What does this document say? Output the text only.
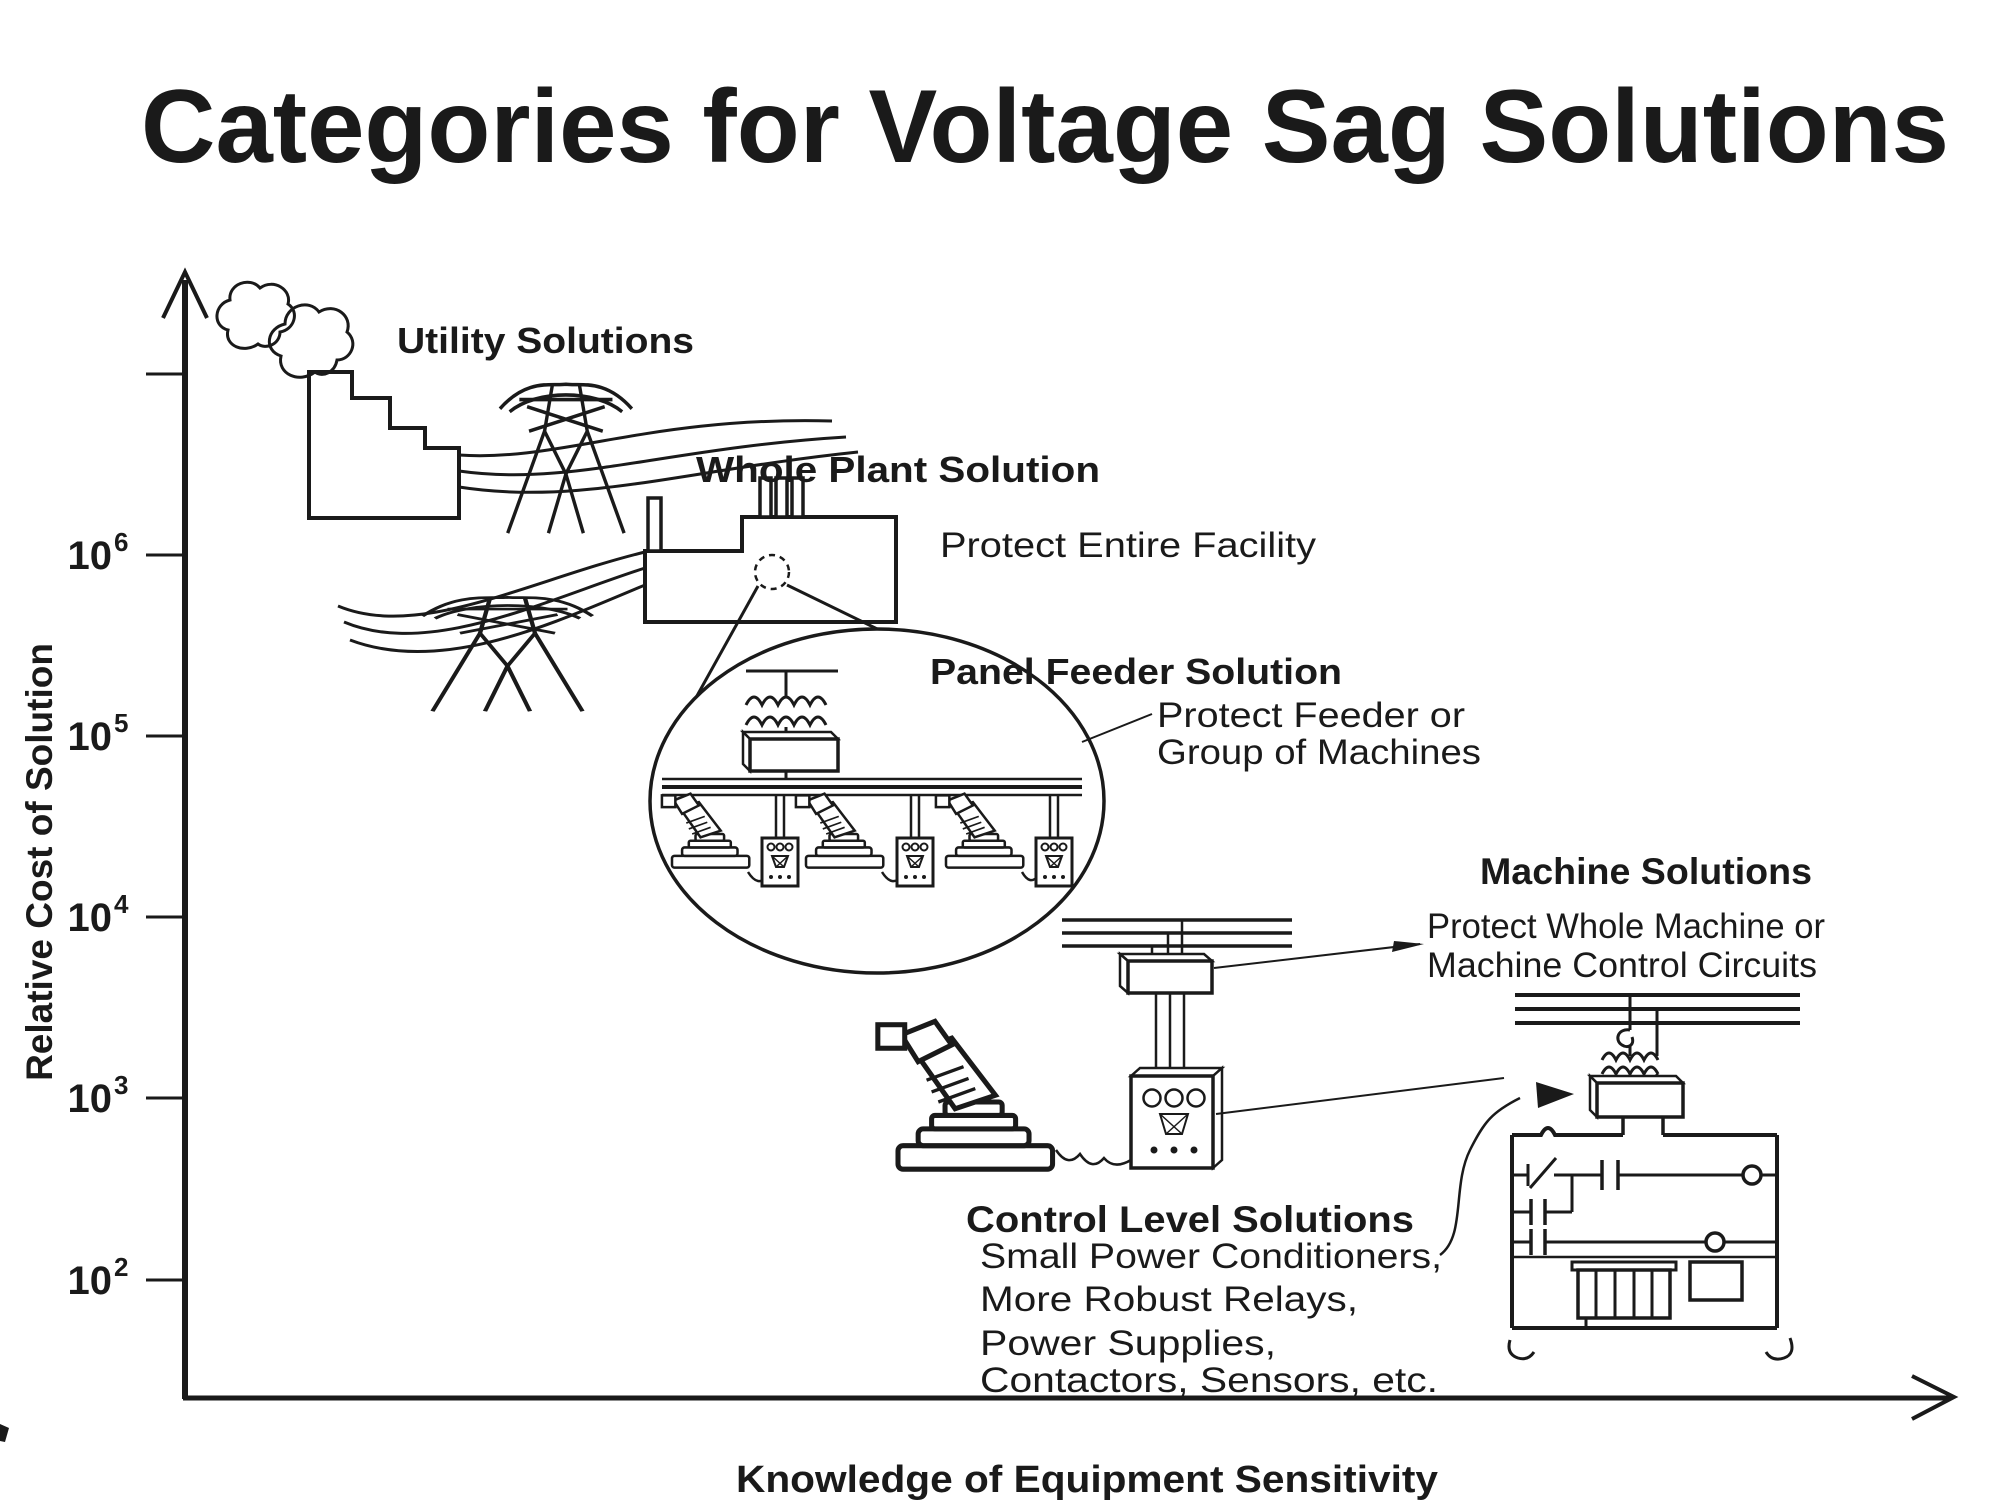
Categories for Voltage Sag Solutions
10 6
10 5
10 4
10 3
10 2
Relative Cost of Solution
Knowledge of Equipment Sensitivity
Utility Solutions
Whole Plant Solution
Protect Entire Facility
Panel Feeder Solution
Protect Feeder or
Group of Machines
Machine Solutions
Protect Whole Machine or
Machine Control Circuits
Control Level Solutions
Small Power Conditioners,
More Robust Relays,
Power Supplies,
Contactors, Sensors, etc.
